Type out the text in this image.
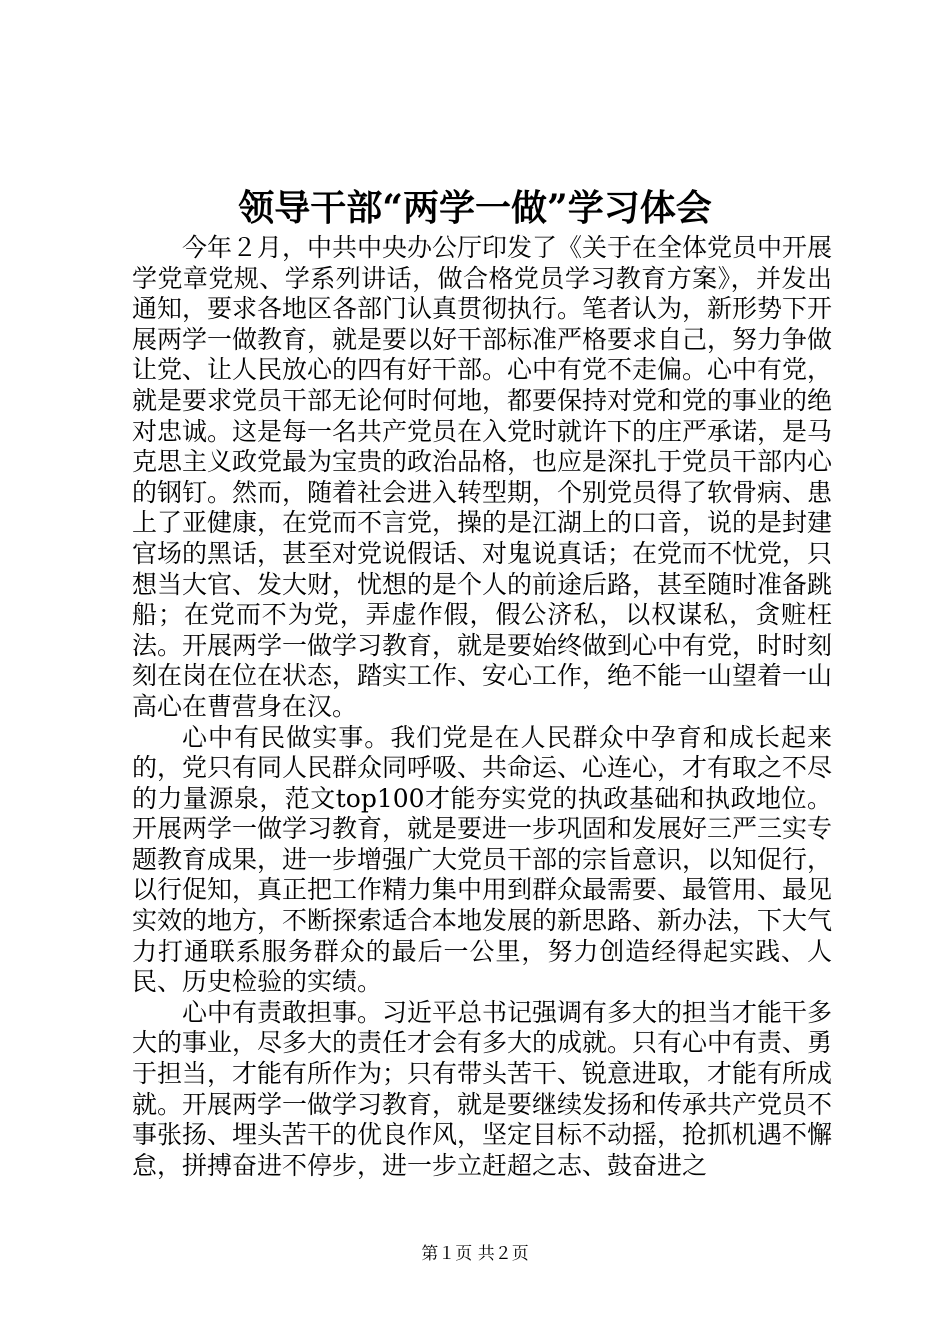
领导干部“两学一做”学习体会

今年２月，中共中央办公厅印发了《关于在全体党员中开展学党章党规、学系列讲话，做合格党员学习教育方案》，并发出通知，要求各地区各部门认真贯彻执行。笔者认为，新形势下开展两学一做教育，就是要以好干部标准严格要求自己，努力争做让党、让人民放心的四有好干部。心中有党不走偏。心中有党，就是要求党员干部无论何时何地，都要保持对党和党的事业的绝对忠诚。这是每一名共产党员在入党时就许下的庄严承诺，是马克思主义政党最为宝贵的政治品格，也应是深扎于党员干部内心的钢钉。然而，随着社会进入转型期，个别党员得了软骨病、患上了亚健康，在党而不言党，操的是江湖上的口音，说的是封建官场的黑话，甚至对党说假话、对鬼说真话；在党而不忧党，只想当大官、发大财，忧想的是个人的前途后路，甚至随时准备跳船；在党而不为党，弄虚作假，假公济私，以权谋私，贪赃枉法。开展两学一做学习教育，就是要始终做到心中有党，时时刻刻在岗在位在状态，踏实工作、安心工作，绝不能一山望着一山高心在曹营身在汉。

心中有民做实事。我们党是在人民群众中孕育和成长起来的，党只有同人民群众同呼吸、共命运、心连心，才有取之不尽的力量源泉，范文top100才能夯实党的执政基础和执政地位。开展两学一做学习教育，就是要进一步巩固和发展好三严三实专题教育成果，进一步增强广大党员干部的宗旨意识，以知促行，以行促知，真正把工作精力集中用到群众最需要、最管用、最见实效的地方，不断探索适合本地发展的新思路、新办法，下大气力打通联系服务群众的最后一公里，努力创造经得起实践、人民、历史检验的实绩。

心中有责敢担事。习近平总书记强调有多大的担当才能干多大的事业，尽多大的责任才会有多大的成就。只有心中有责、勇于担当，才能有所作为；只有带头苦干、锐意进取，才能有所成就。开展两学一做学习教育，就是要继续发扬和传承共产党员不事张扬、埋头苦干的优良作风，坚定目标不动摇，抢抓机遇不懈怠，拼搏奋进不停步，进一步立赶超之志、鼓奋进之

第１页 共２页
